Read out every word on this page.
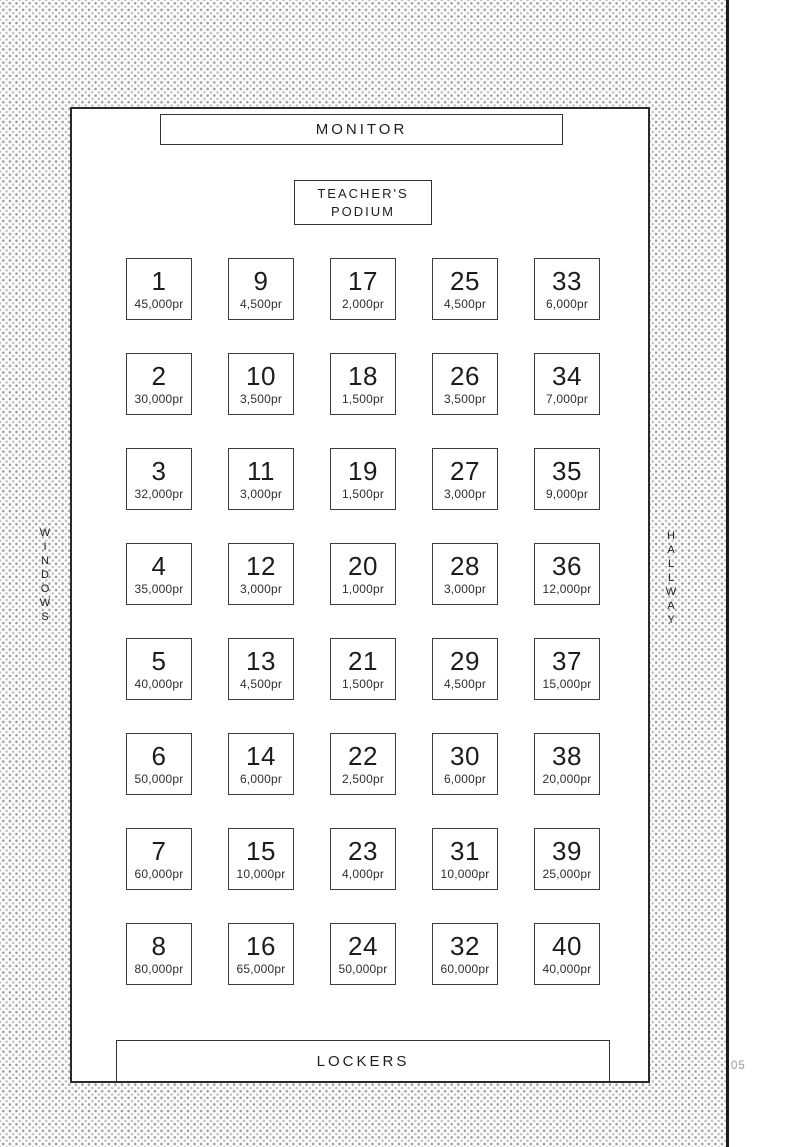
WINDOWS	HALLWAY
MONITOR
TEACHER'S
PODIUM
1
45,000pr
9
4,500pr
17
2,000pr
25
4,500pr
33
6,000pr
2
30,000pr
10
3,500pr
18
1,500pr
26
3,500pr
34
7,000pr
3
32,000pr
11
3,000pr
19
1,500pr
27
3,000pr
35
9,000pr
4
35,000pr
12
3,000pr
20
1,000pr
28
3,000pr
36
12,000pr
5
40,000pr
13
4,500pr
21
1,500pr
29
4,500pr
37
15,000pr
6
50,000pr
14
6,000pr
22
2,500pr
30
6,000pr
38
20,000pr
7
60,000pr
15
10,000pr
23
4,000pr
31
10,000pr
39
25,000pr
8
80,000pr
16
65,000pr
24
50,000pr
32
60,000pr
40
40,000pr
LOCKERS	05
